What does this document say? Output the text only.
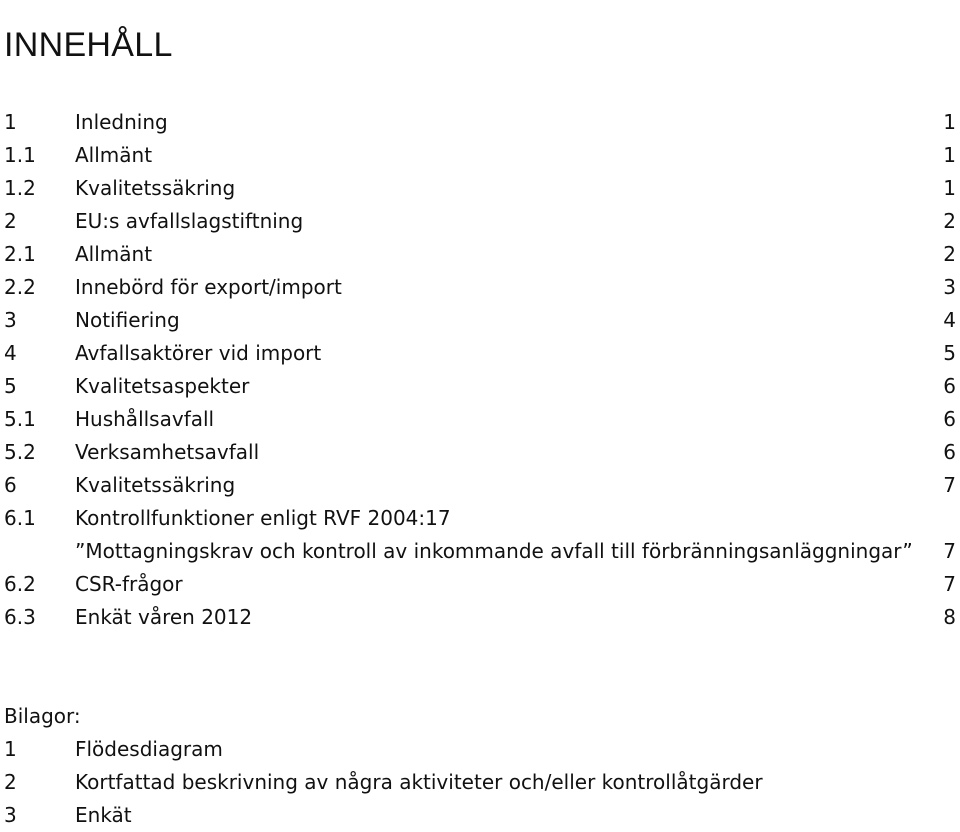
INNEHÅLL
1	Inledning	1
1.1 Allmänt	1
1.2 Kvalitetssäkring	1
2	EU:s avfallslagstiftning	2
2.1 Allmänt	2
2.2 Innebörd för export/import	3
3	Notifiering	4
4	Avfallsaktörer vid import	5
5	Kvalitetsaspekter	6
5.1 Hushållsavfall	6
5.2 Verksamhetsavfall	6
6	Kvalitetssäkring	7
6.1 Kontrollfunktioner enligt RVF 2004:17
”Mottagningskrav och kontroll av inkommande avfall till förbränningsanläggningar” 7
6.2 CSR-frågor	7
6.3 Enkät våren 2012	8
Bilagor:
1	Flödesdiagram
2	Kortfattad beskrivning av några aktiviteter och/eller kontrollåtgärder
3	Enkät
